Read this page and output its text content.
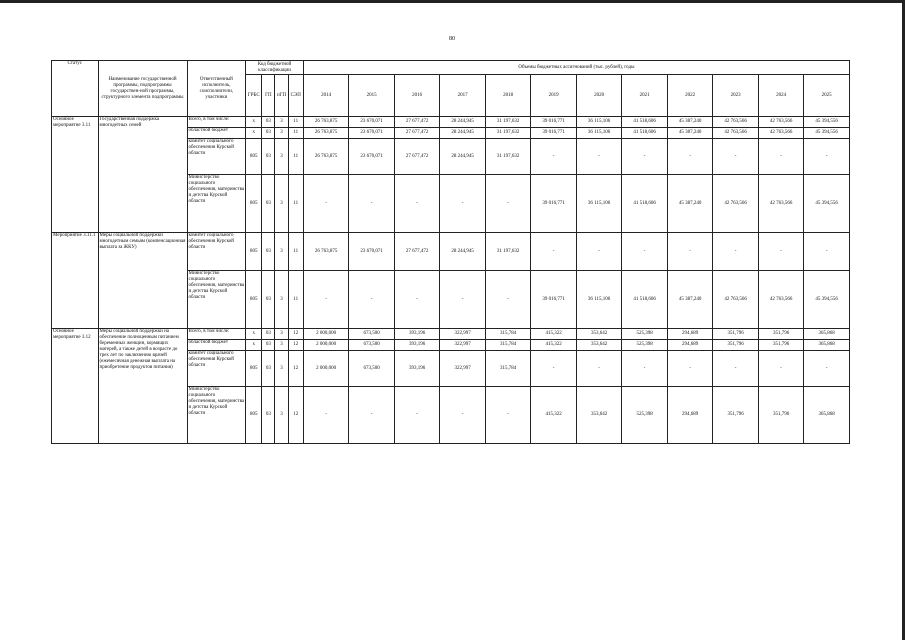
80
Статус	Наименование государственной программы, подпрограммы государствен-ной программы, структурного элемента подпрограммы	Ответственный исполнитель, соисполнители, участники	Код бюджетной классификации				Объемы бюджетных ассигнований (тыс. рублей), годы											
			ГРБС	ГП	пГП	СЭП	2014	2015	2016	2017	2018	2019	2020	2021	2022	2023	2024	2025
Основное мероприятие 3.11	Государственная поддержка многодетных семей	Всего, в том числе:	x	03	3	11	26 763,875	23 670,071	27 677,472	28 244,945	31 197,632	39 016,771	36 115,106	41 518,606	45 387,240	42 763,566	42 763,566	45 394,556
		областной бюджет	x	03	3	11	26 763,875	23 670,071	27 677,472	28 244,945	31 197,632	39 016,771	36 115,106	41 518,606	45 387,240	42 763,566	42 763,566	45 394,556
		комитет социального обеспечения Курской области	805	03	3	11	26 763,875	23 670,071	27 677,472	28 244,945	31 197,632	-	-	-	-	-	-	-
		Министерство социального обеспечения, материнства и детства Курской области	805	03	3	11	-	-	-	-	-	39 016,771	36 115,106	41 518,606	45 387,240	42 763,566	42 763,566	45 394,556
Мероприятие 3.11.1	Меры социальной поддержки многодетным семьям (компенсационная выплата за ЖКУ)	комитет социального обеспечения Курской области	805	03	3	11	26 763,875	23 670,071	27 677,472	28 244,945	31 197,632	-	-	-	-	-	-	-
		Министерство социального обеспечения, материнства и детства Курской области	805	03	3	11	-	-	-	-	-	39 016,771	36 115,106	41 518,606	45 387,240	42 763,566	42 763,566	45 394,556
Основное мероприятие 3.12	Меры социальной поддержки на обеспечение полноценным питанием беременных женщин, кормящих матерей, а также детей в возрасте до трех лет по заключению врачей (ежемесячная денежная выплата на приобретение продуктов питания)	Всего, в том числе:	x	03	3	12	2 000,000	673,500	393,196	322,997	315,784	415,322	353,642	525,398	294,689	351,796	351,796	365,868
		областной бюджет	x	03	3	12	2 000,000	673,500	393,196	322,997	315,784	415,322	353,642	525,398	294,689	351,796	351,796	365,868
		комитет социального обеспечения Курской области	805	03	3	12	2 000,000	673,500	393,196	322,997	315,784	-	-	-	-	-	-	-
		Министерство социального обеспечения, материнства и детства Курской области	805	03	3	12	-	-	-	-	-	415,322	353,642	525,398	294,689	351,796	351,796	365,868
